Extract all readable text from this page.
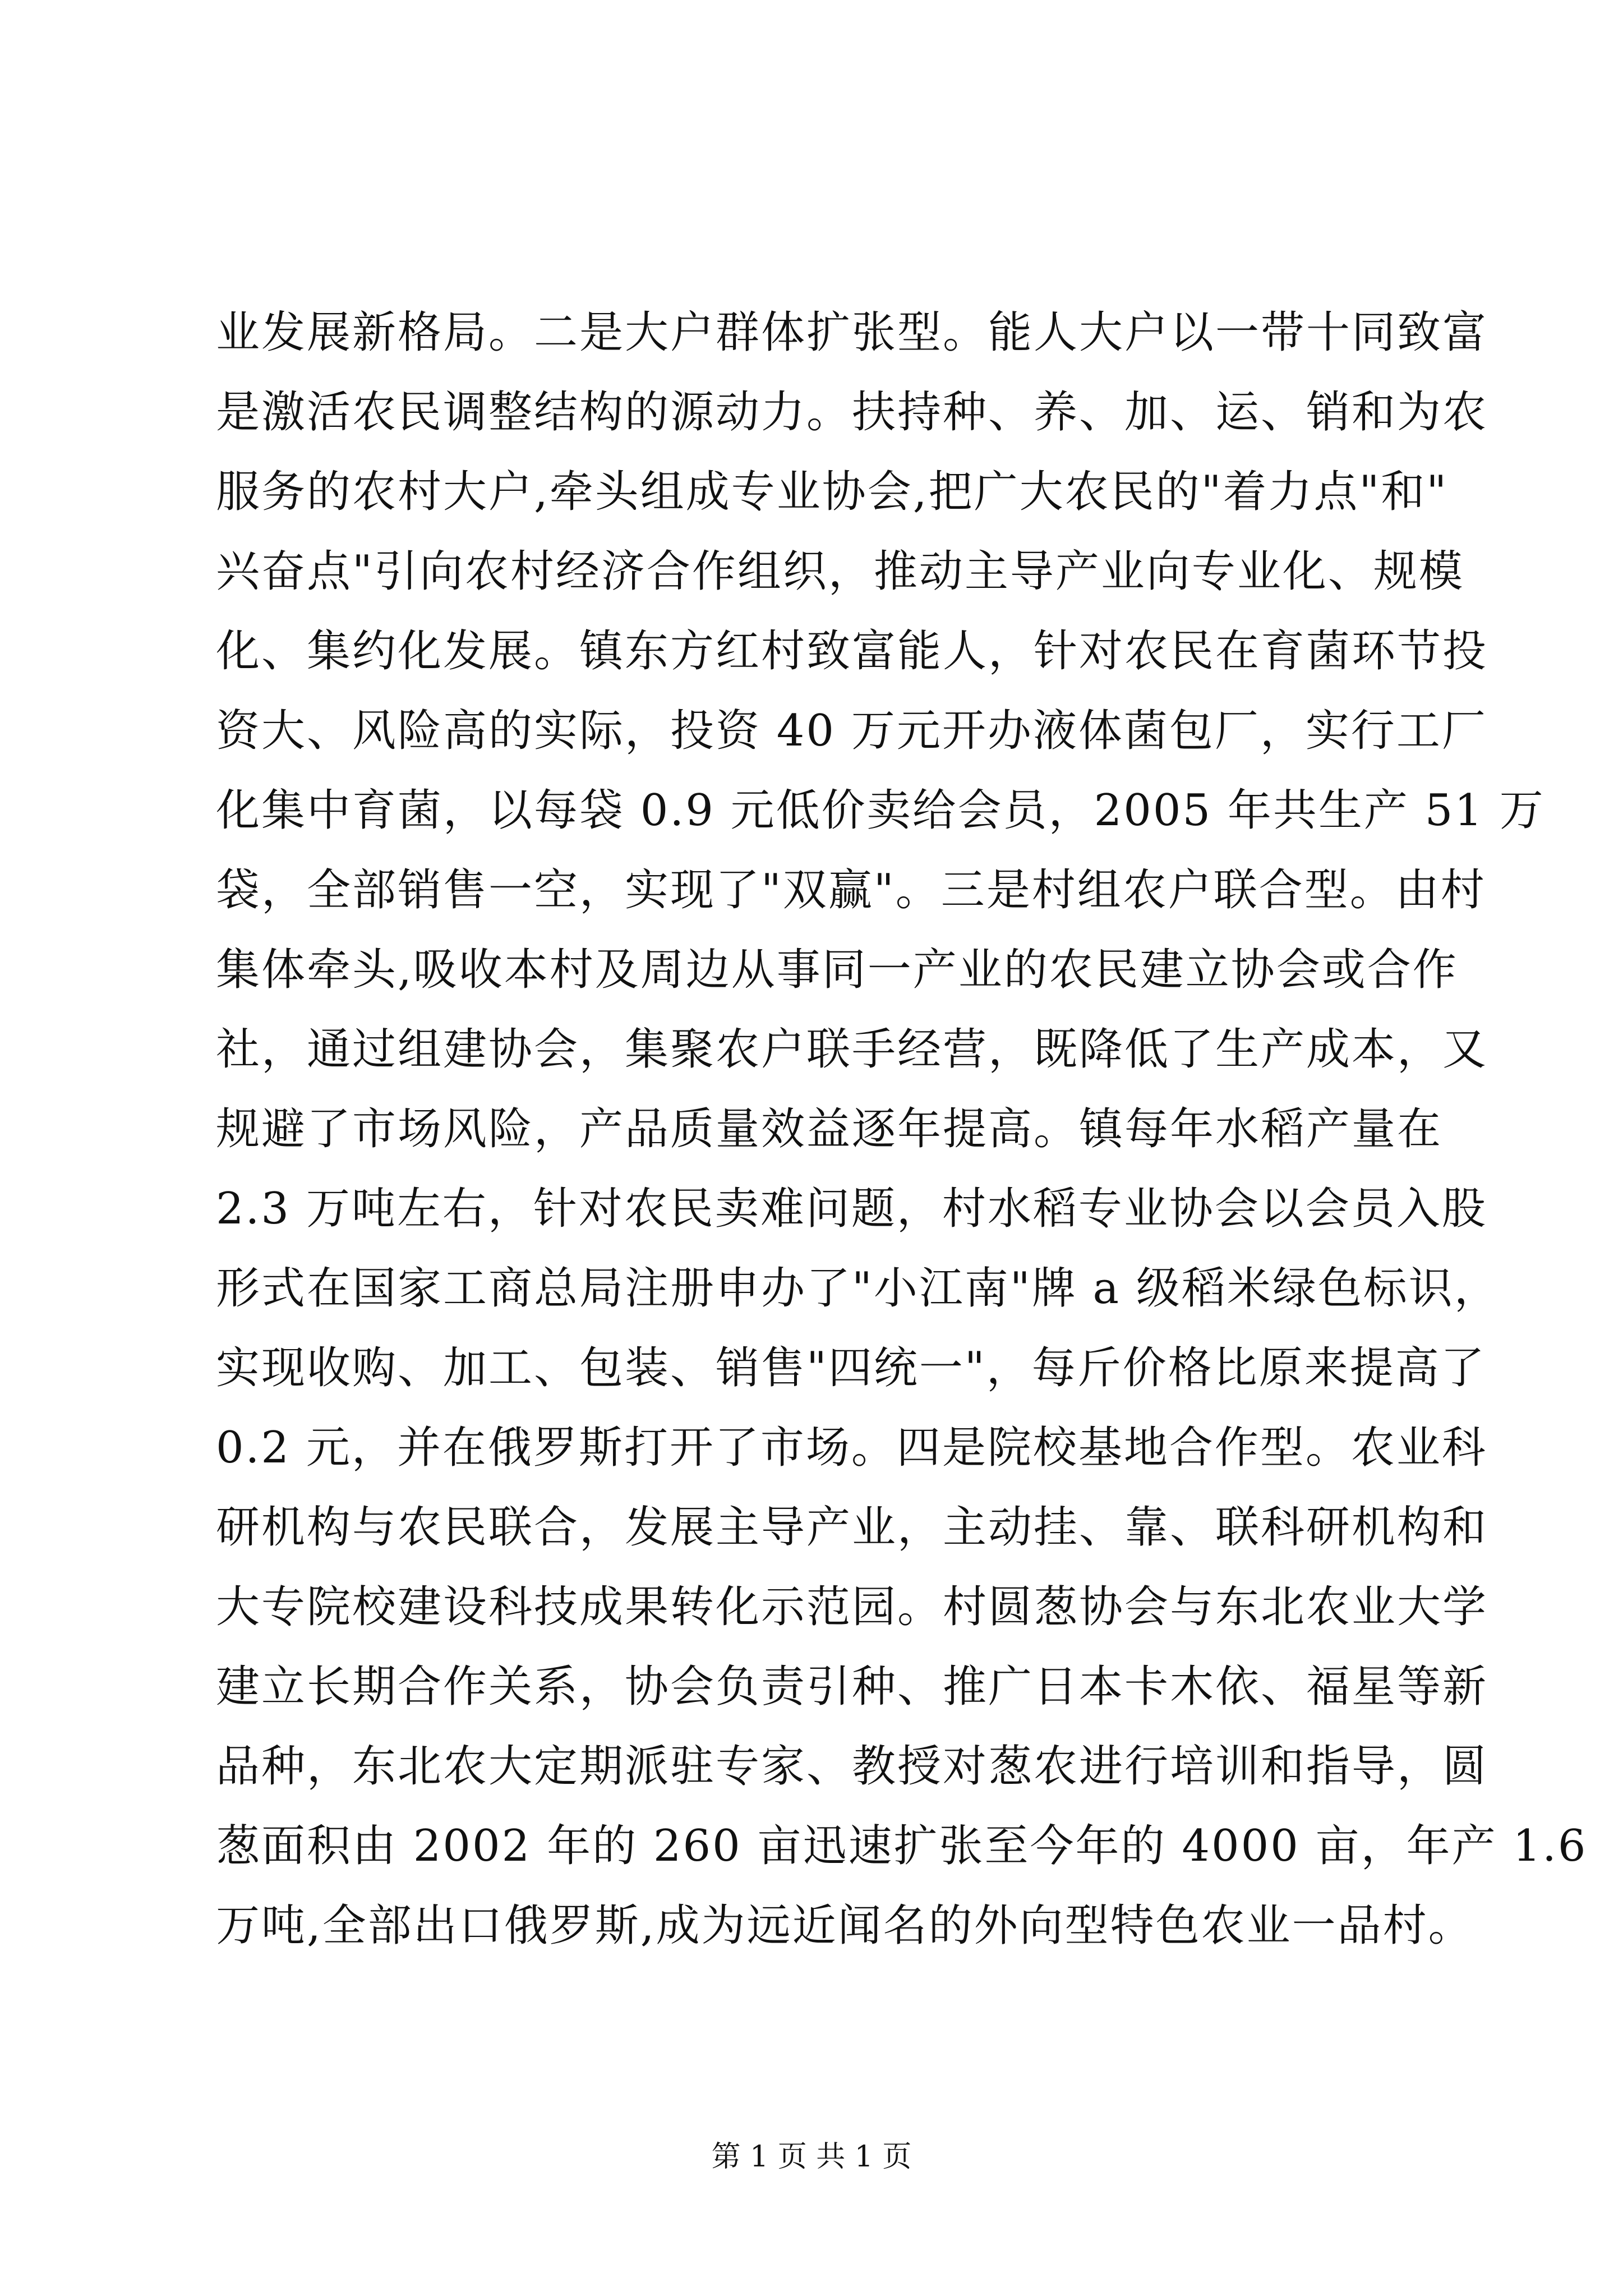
业发展新格局。二是大户群体扩张型。能人大户以一带十同致富
是激活农民调整结构的源动力。扶持种、养、加、运、销和为农
服务的农村大户,牵头组成专业协会,把广大农民的"着力点"和"
兴奋点"引向农村经济合作组织，推动主导产业向专业化、规模
化、集约化发展。镇东方红村致富能人，针对农民在育菌环节投
资大、风险高的实际，投资 40 万元开办液体菌包厂，实行工厂
化集中育菌，以每袋 0.9 元低价卖给会员，2005 年共生产 51 万
袋，全部销售一空，实现了"双赢"。三是村组农户联合型。由村
集体牵头,吸收本村及周边从事同一产业的农民建立协会或合作
社，通过组建协会，集聚农户联手经营，既降低了生产成本，又
规避了市场风险，产品质量效益逐年提高。镇每年水稻产量在
2.3 万吨左右，针对农民卖难问题，村水稻专业协会以会员入股
形式在国家工商总局注册申办了"小江南"牌 a 级稻米绿色标识，
实现收购、加工、包装、销售"四统一"，每斤价格比原来提高了
0.2 元，并在俄罗斯打开了市场。四是院校基地合作型。农业科
研机构与农民联合，发展主导产业，主动挂、靠、联科研机构和
大专院校建设科技成果转化示范园。村圆葱协会与东北农业大学
建立长期合作关系，协会负责引种、推广日本卡木依、福星等新
品种，东北农大定期派驻专家、教授对葱农进行培训和指导，圆
葱面积由 2002 年的 260 亩迅速扩张至今年的 4000 亩，年产 1.6
万吨,全部出口俄罗斯,成为远近闻名的外向型特色农业一品村。
第 1 页 共 1 页
